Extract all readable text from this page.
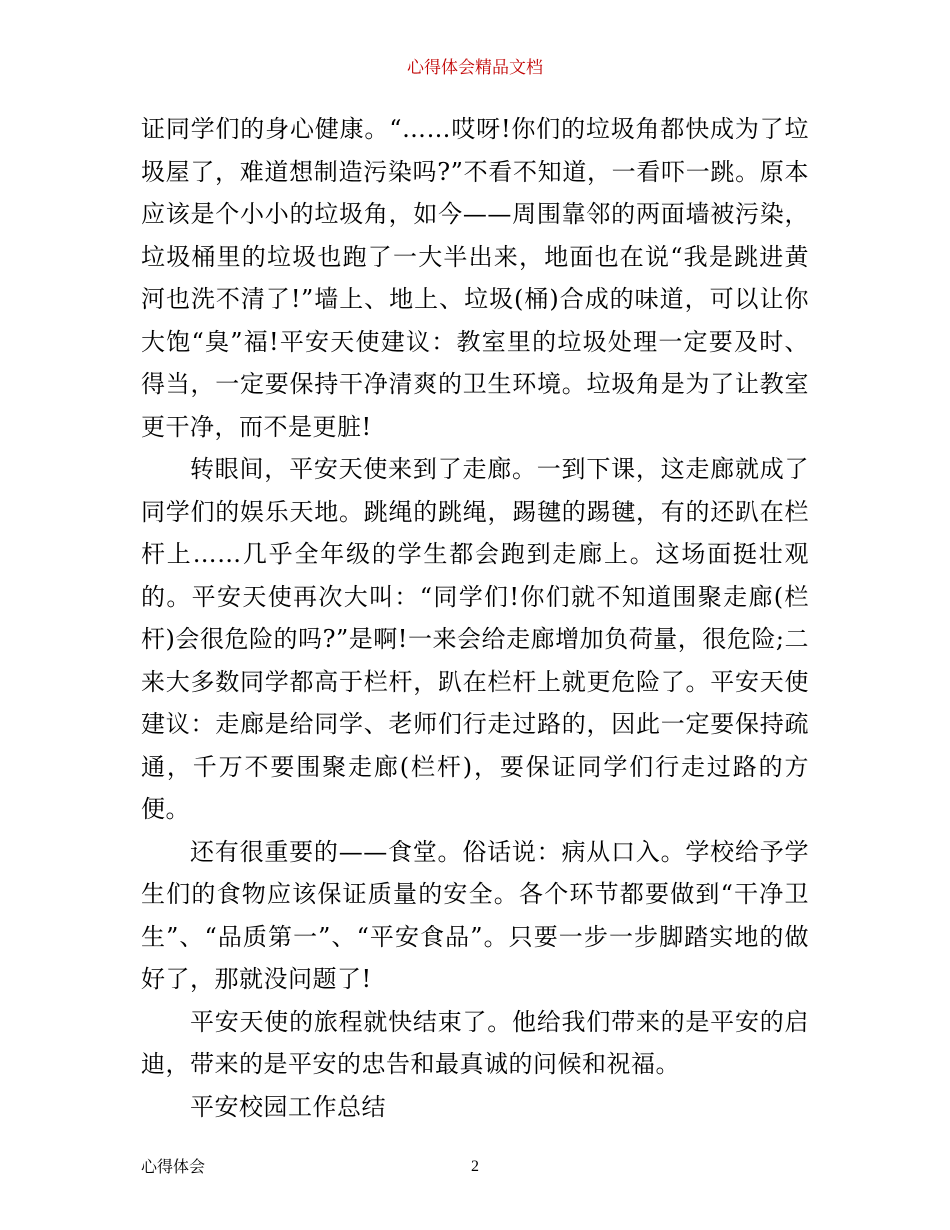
心得体会精品文档

证同学们的身心健康。“……哎呀!你们的垃圾角都快成为了垃圾屋了，难道想制造污染吗?”不看不知道，一看吓一跳。原本应该是个小小的垃圾角，如今——周围靠邻的两面墙被污染，垃圾桶里的垃圾也跑了一大半出来，地面也在说“我是跳进黄河也洗不清了!”墙上、地上、垃圾(桶)合成的味道，可以让你大饱“臭”福!平安天使建议：教室里的垃圾处理一定要及时、得当，一定要保持干净清爽的卫生环境。垃圾角是为了让教室更干净，而不是更脏!

转眼间，平安天使来到了走廊。一到下课，这走廊就成了同学们的娱乐天地。跳绳的跳绳，踢毽的踢毽，有的还趴在栏杆上……几乎全年级的学生都会跑到走廊上。这场面挺壮观的。平安天使再次大叫：“同学们!你们就不知道围聚走廊(栏杆)会很危险的吗?”是啊!一来会给走廊增加负荷量，很危险;二来大多数同学都高于栏杆，趴在栏杆上就更危险了。平安天使建议：走廊是给同学、老师们行走过路的，因此一定要保持疏通，千万不要围聚走廊(栏杆)，要保证同学们行走过路的方便。

还有很重要的——食堂。俗话说：病从口入。学校给予学生们的食物应该保证质量的安全。各个环节都要做到“干净卫生”、“品质第一”、“平安食品”。只要一步一步脚踏实地的做好了，那就没问题了!

平安天使的旅程就快结束了。他给我们带来的是平安的启迪，带来的是平安的忠告和最真诚的问候和祝福。

平安校园工作总结

心得体会	2
